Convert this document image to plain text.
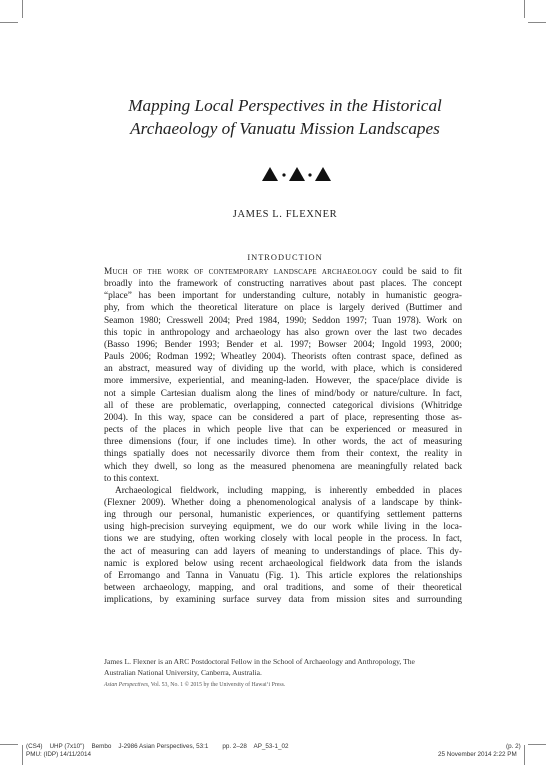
Mapping Local Perspectives in the Historical
Archaeology of Vanuatu Mission Landscapes
JAMES L. FLEXNER
INTRODUCTION
Much of the work of contemporary landscape archaeology could be said to fit
broadly into the framework of constructing narratives about past places. The concept
“place” has been important for understanding culture, notably in humanistic geogra-
phy, from which the theoretical literature on place is largely derived (Buttimer and
Seamon 1980; Cresswell 2004; Pred 1984, 1990; Seddon 1997; Tuan 1978). Work on
this topic in anthropology and archaeology has also grown over the last two decades
(Basso 1996; Bender 1993; Bender et al. 1997; Bowser 2004; Ingold 1993, 2000;
Pauls 2006; Rodman 1992; Wheatley 2004). Theorists often contrast space, defined as
an abstract, measured way of dividing up the world, with place, which is considered
more immersive, experiential, and meaning-laden. However, the space/place divide is
not a simple Cartesian dualism along the lines of mind/body or nature/culture. In fact,
all of these are problematic, overlapping, connected categorical divisions (Whitridge
2004). In this way, space can be considered a part of place, representing those as-
pects of the places in which people live that can be experienced or measured in
three dimensions (four, if one includes time). In other words, the act of measuring
things spatially does not necessarily divorce them from their context, the reality in
which they dwell, so long as the measured phenomena are meaningfully related back
to this context.
Archaeological fieldwork, including mapping, is inherently embedded in places
(Flexner 2009). Whether doing a phenomenological analysis of a landscape by think-
ing through our personal, humanistic experiences, or quantifying settlement patterns
using high-precision surveying equipment, we do our work while living in the loca-
tions we are studying, often working closely with local people in the process. In fact,
the act of measuring can add layers of meaning to understandings of place. This dy-
namic is explored below using recent archaeological fieldwork data from the islands
of Erromango and Tanna in Vanuatu (Fig. 1). This article explores the relationships
between archaeology, mapping, and oral traditions, and some of their theoretical
implications, by examining surface survey data from mission sites and surrounding
James L. Flexner is an ARC Postdoctoral Fellow in the School of Archaeology and Anthropology, The
Australian National University, Canberra, Australia.
Asian Perspectives, Vol. 53, No. 1 © 2015 by the University of Hawai‘i Press.
(CS4)    UHP (7x10")    Bembo    J-2986 Asian Perspectives, 53:1        pp. 2–28    AP_53-1_02
PMU: (IDP) 14/11/2014
(p. 2)
25 November 2014 2:22 PM
